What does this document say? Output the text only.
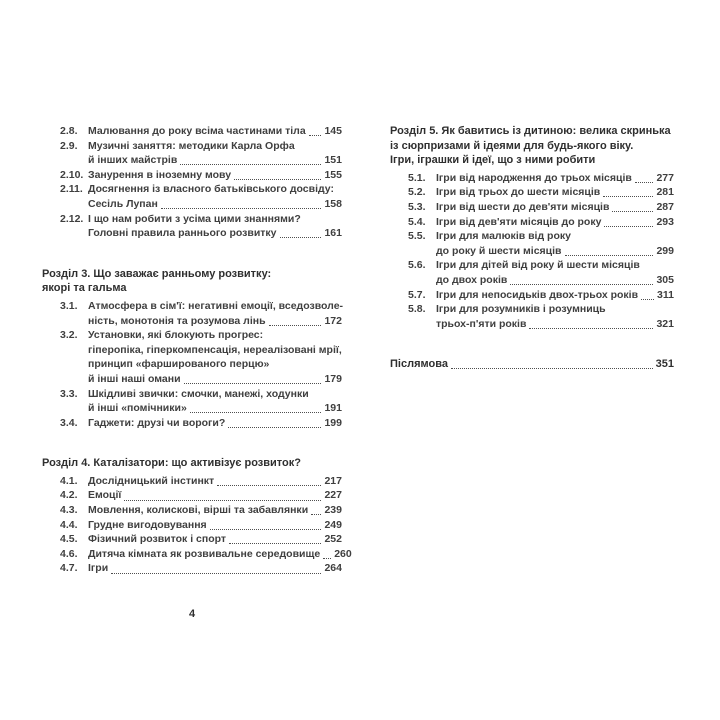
2.8. Малювання до року всіма частинами тіла 145
2.9. Музичні заняття: методики Карла Орфа
й інших майстрів	151
2.10. Занурення в іноземну мову	155
2.11. Досягнення із власного батьківського досвіду:
Сесіль Лупан	158
2.12. І що нам робити з усіма цими знаннями?
Головні правила раннього розвитку	161
Розділ 3. Що заважає ранньому розвитку:
якорі та гальма
3.1. Атмосфера в сім'ї: негативні емоції, вседозволе-
ність, монотонія та розумова лінь	172
3.2. Установки, які блокують прогрес:
гіперопіка, гіперкомпенсація, нереалізовані мрії,
принцип «фаршированого перцю»
й інші наші омани	179
3.3. Шкідливі звички: смочки, манежі, ходунки
й інші «помічники»	191
3.4. Гаджети: друзі чи вороги?	199
Розділ 4. Каталізатори: що активізує розвиток?
4.1. Дослідницький інстинкт	217
4.2. Емоції	227
4.3. Мовлення, колискові, вірші та забавлянки 239
4.4. Грудне вигодовування	249
4.5. Фізичний розвиток і спорт	252
4.6. Дитяча кімната як розвивальне середовище 260
4.7. Ігри	264
Розділ 5. Як бавитись із дитиною: велика скринька
із сюрпризами й ідеями для будь-якого віку.
Ігри, іграшки й ідеї, що з ними робити
5.1. Ігри від народження до трьох місяців 277
5.2. Ігри від трьох до шести місяців	281
5.3. Ігри від шести до дев'яти місяців	287
5.4. Ігри від дев'яти місяців до року	293
5.5. Ігри для малюків від року
до року й шести місяців	299
5.6. Ігри для дітей від року й шести місяців
до двох років	305
5.7. Ігри для непосидьків двох-трьох років 311
5.8. Ігри для розумників і розумниць
трьох-п'яти років	321
Післямова	351
4
